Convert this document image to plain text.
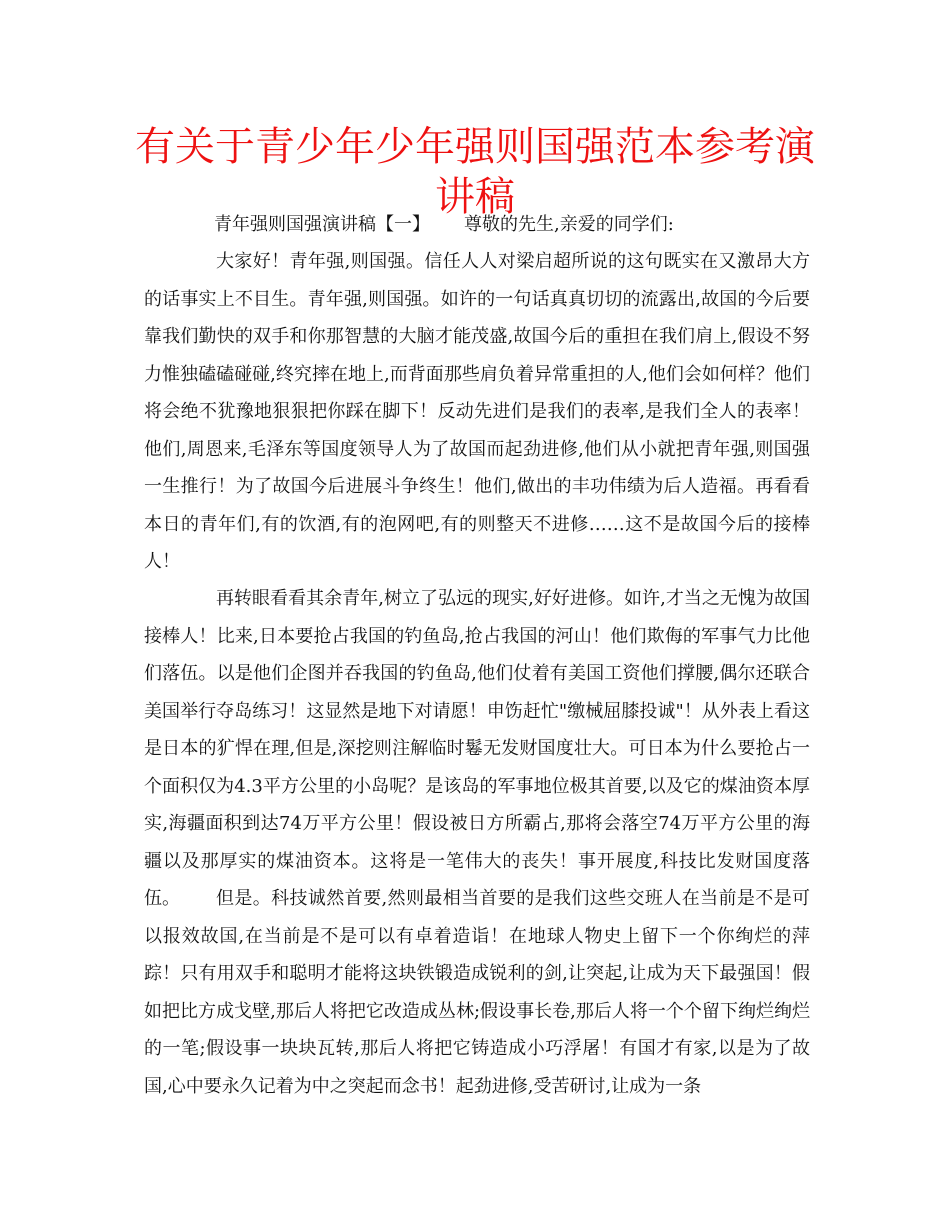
有关于青少年少年强则国强范本参考演讲稿
青年强则国强演讲稿【一】 尊敬的先生,亲爱的同学们:

大家好！青年强,则国强。信任人人对梁启超所说的这句既实在又激昂大方的话事实上不目生。青年强,则国强。如许的一句话真真切切的流露出,故国的今后要靠我们勤快的双手和你那智慧的大脑才能茂盛,故国今后的重担在我们肩上,假设不努力惟独磕磕碰碰,终究摔在地上,而背面那些肩负着异常重担的人,他们会如何样？他们将会绝不犹豫地狠狠把你踩在脚下！反动先进们是我们的表率,是我们全人的表率！他们,周恩来,毛泽东等国度领导人为了故国而起劲进修,他们从小就把青年强,则国强一生推行！为了故国今后进展斗争终生！他们,做出的丰功伟绩为后人造福。再看看本日的青年们,有的饮酒,有的泡网吧,有的则整天不进修……这不是故国今后的接棒人！

再转眼看看其余青年,树立了弘远的现实,好好进修。如许,才当之无愧为故国接棒人！比来,日本要抢占我国的钓鱼岛,抢占我国的河山！他们欺侮的军事气力比他们落伍。以是他们企图并吞我国的钓鱼岛,他们仗着有美国工资他们撑腰,偶尔还联合美国举行夺岛练习！这显然是地下对请愿！申饬赶忙"缴械屈膝投诚"！从外表上看这是日本的犷悍在理,但是,深挖则注解临时鬈无发财国度壮大。可日本为什么要抢占一个面积仅为4.3平方公里的小岛呢？是该岛的军事地位极其首要,以及它的煤油资本厚实,海疆面积到达74万平方公里！假设被日方所霸占,那将会落空74万平方公里的海疆以及那厚实的煤油资本。这将是一笔伟大的丧失！事开展度,科技比发财国度落伍。	但是。科技诚然首要,然则最相当首要的是我们这些交班人在当前是不是可以报效故国,在当前是不是可以有卓着造诣！在地球人物史上留下一个你绚烂的萍踪！只有用双手和聪明才能将这块铁锻造成锐利的剑,让突起,让成为天下最强国！假如把比方成戈壁,那后人将把它改造成丛林;假设事长卷,那后人将一个个留下绚烂绚烂的一笔;假设事一块块瓦转,那后人将把它铸造成小巧浮屠！有国才有家,以是为了故国,心中要永久记着为中之突起而念书！起劲进修,受苦研讨,让成为一条
